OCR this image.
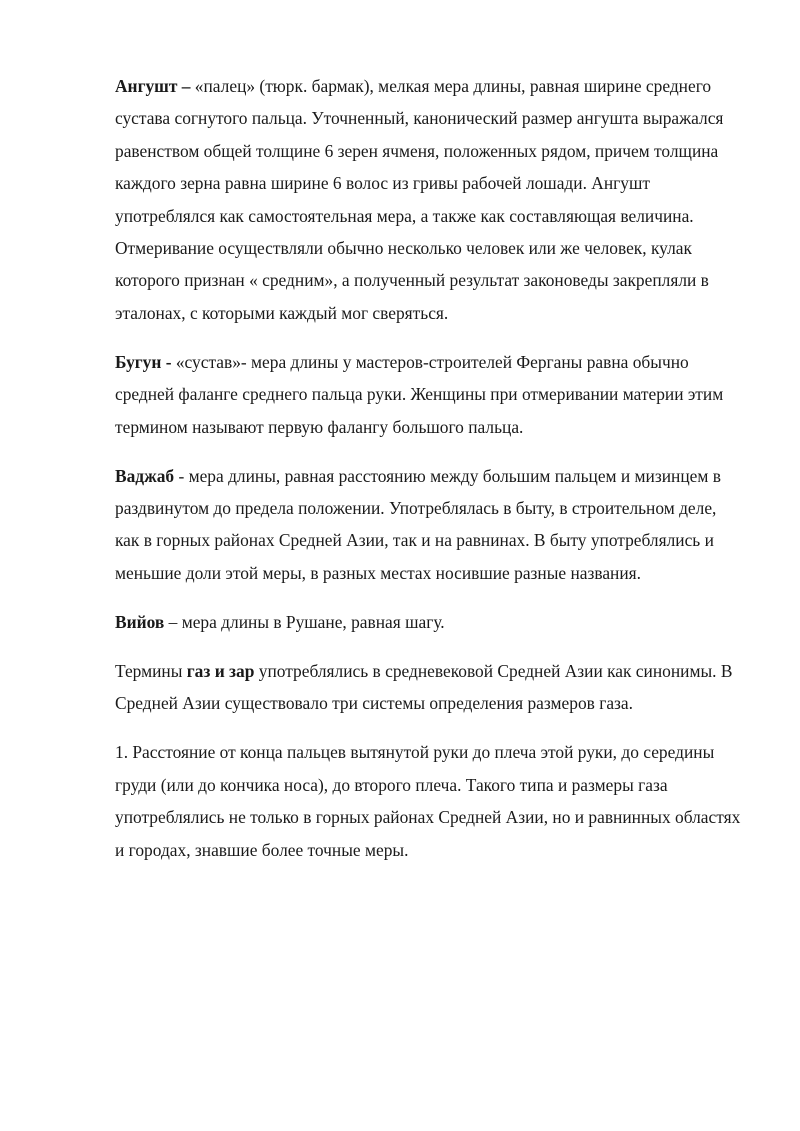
Ангушт – «палец» (тюрк. бармак), мелкая мера длины, равная ширине среднего сустава согнутого пальца. Уточненный, канонический размер ангушта выражался равенством общей толщине 6 зерен ячменя, положенных рядом, причем толщина каждого зерна равна ширине 6 волос из гривы рабочей лошади. Ангушт употреблялся как самостоятельная мера, а также как составляющая величина. Отмеривание осуществляли обычно несколько человек или же человек, кулак которого признан « средним», а полученный результат законоведы закрепляли в эталонах, с которыми каждый мог сверяться.

Бугун - «сустав»- мера длины у мастеров-строителей Ферганы равна обычно средней фаланге среднего пальца руки. Женщины при отмеривании материи этим термином называют первую фалангу большого пальца.

Ваджаб - мера длины, равная расстоянию между большим пальцем и мизинцем в раздвинутом до предела положении. Употреблялась в быту, в строительном деле, как в горных районах Средней Азии, так и на равнинах. В быту употреблялись и меньшие доли этой меры, в разных местах носившие разные названия.

Вийов – мера длины в Рушане, равная шагу.

Термины газ и зар употреблялись в средневековой Средней Азии как синонимы. В Средней Азии существовало три системы определения размеров газа.

1. Расстояние от конца пальцев вытянутой руки до плеча этой руки, до середины груди (или до кончика носа), до второго плеча. Такого типа и размеры газа употреблялись не только в горных районах Средней Азии, но и равнинных областях и городах, знавшие более точные меры.
